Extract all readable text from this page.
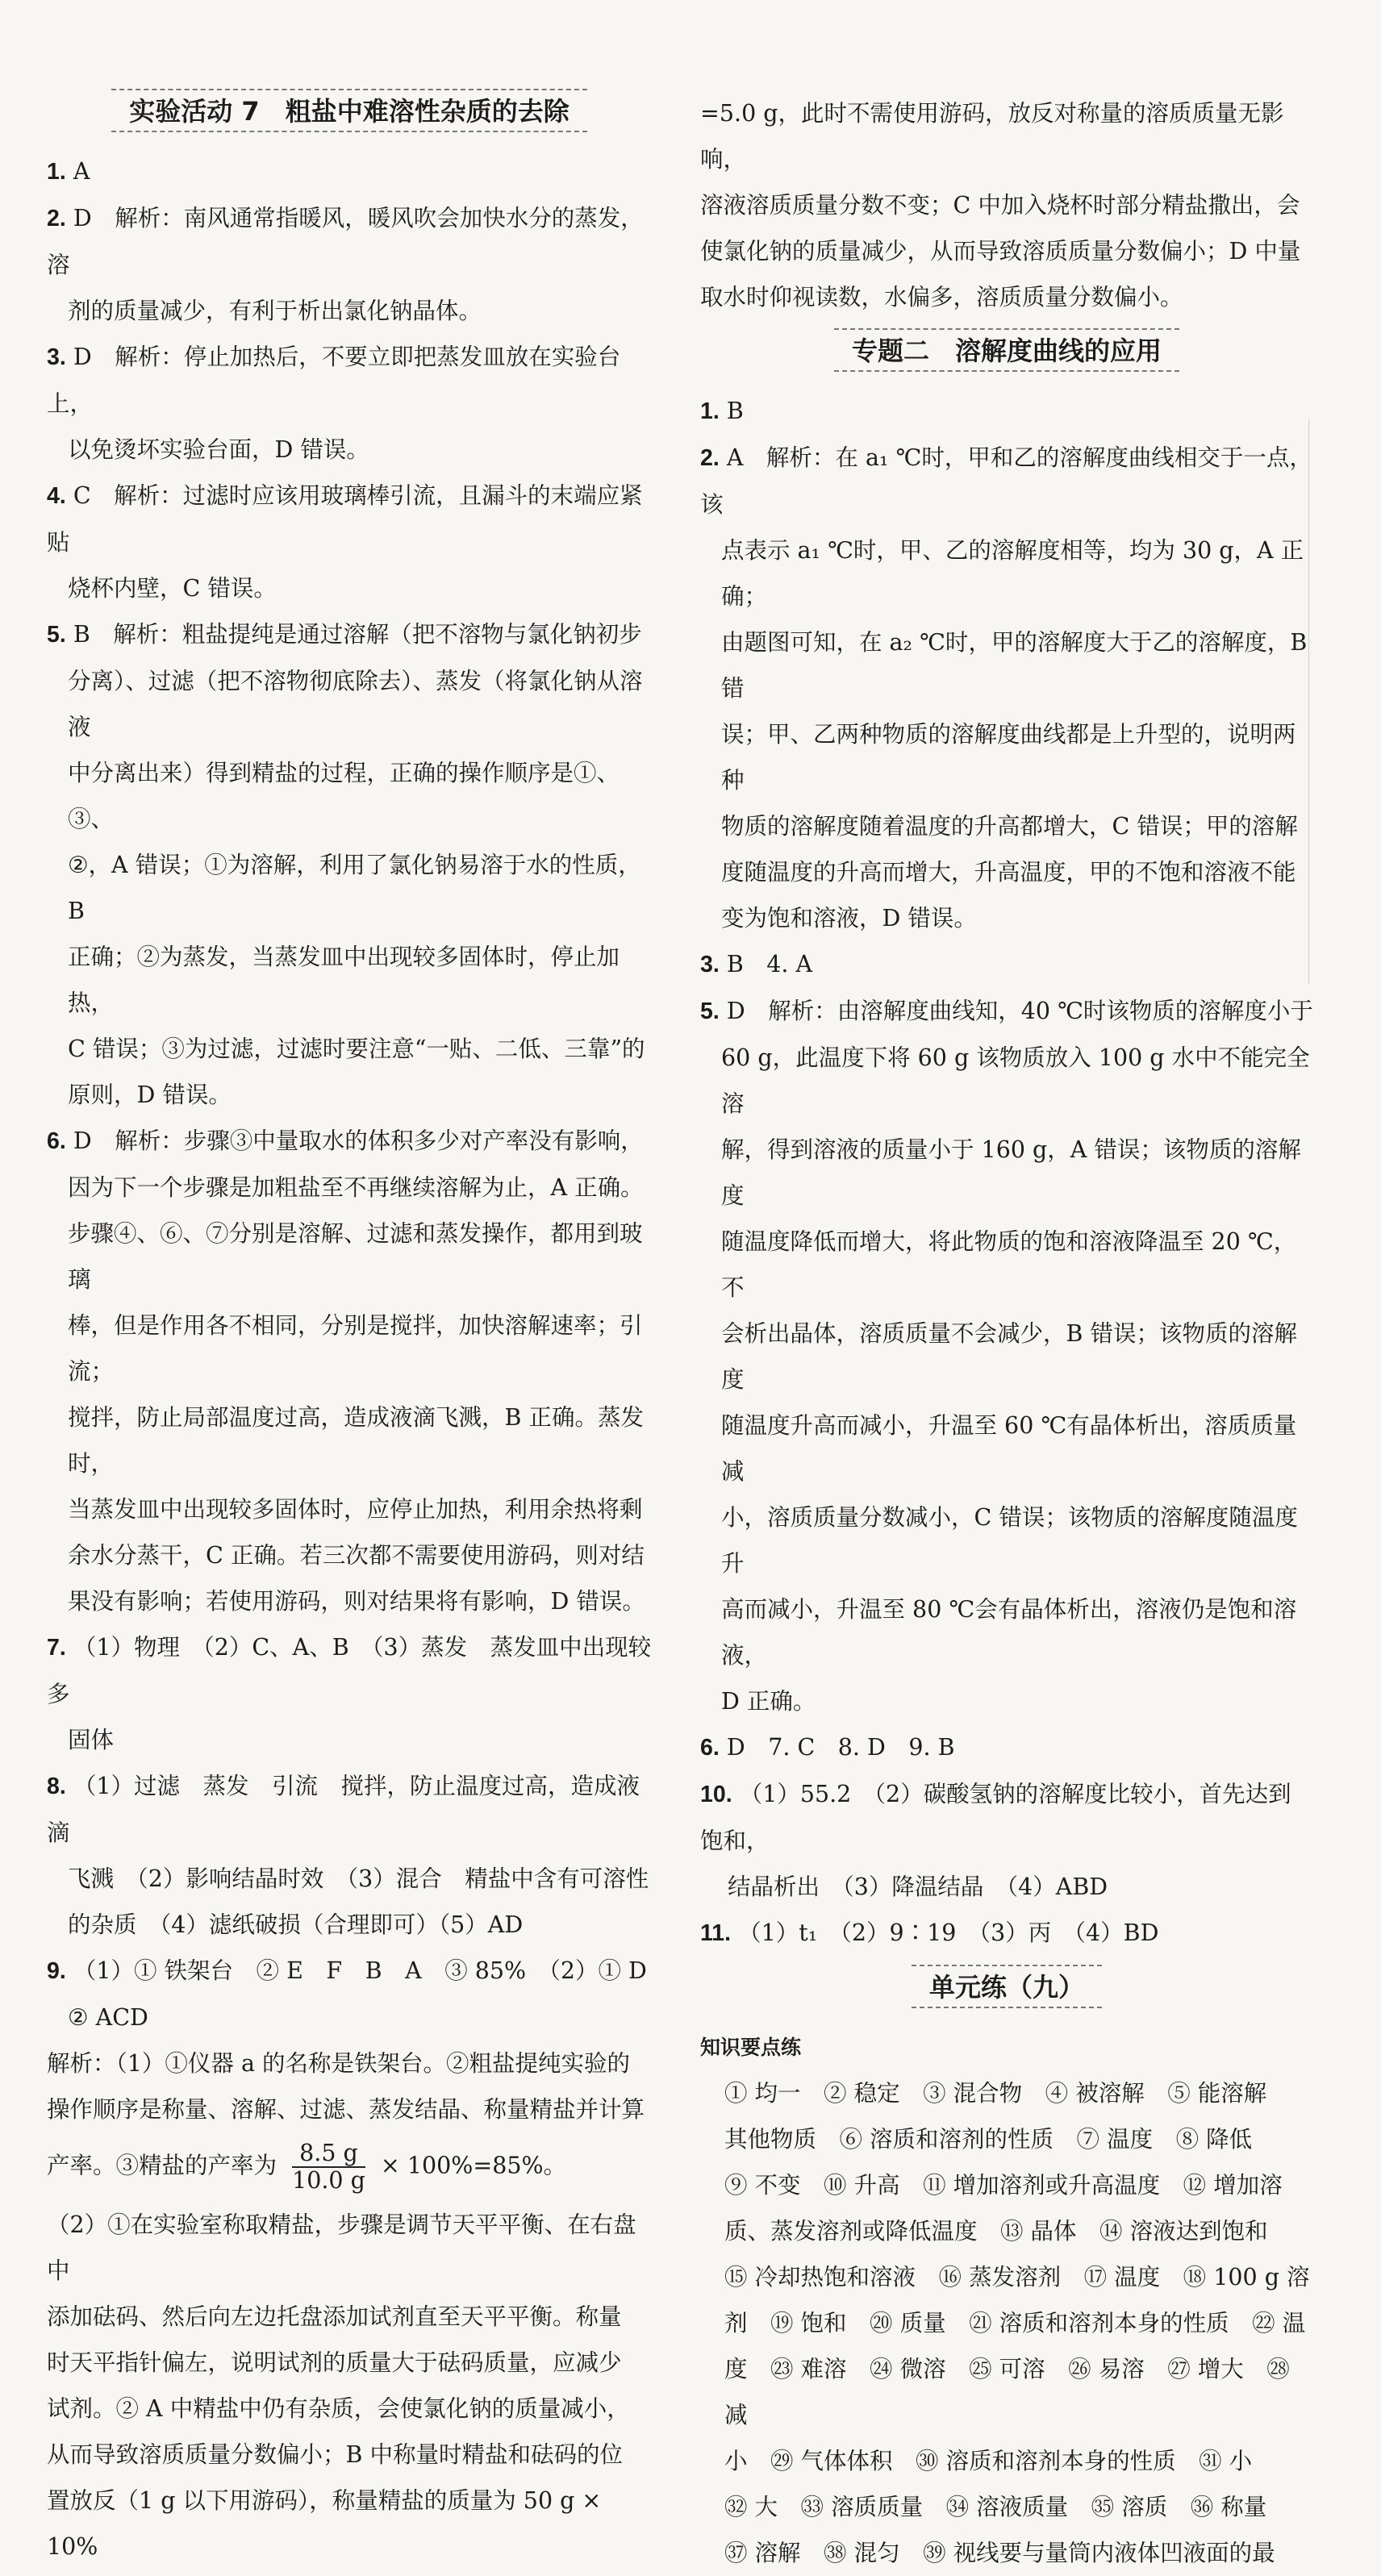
实验活动 7　粗盐中难溶性杂质的去除

1. A

2. D　解析：南风通常指暖风，暖风吹会加快水分的蒸发，溶

剂的质量减少，有利于析出氯化钠晶体。

3. D　解析：停止加热后，不要立即把蒸发皿放在实验台上，

以免烫坏实验台面，D 错误。

4. C　解析：过滤时应该用玻璃棒引流，且漏斗的末端应紧贴

烧杯内壁，C 错误。

5. B　解析：粗盐提纯是通过溶解（把不溶物与氯化钠初步

分离）、过滤（把不溶物彻底除去）、蒸发（将氯化钠从溶液

中分离出来）得到精盐的过程，正确的操作顺序是①、③、

②，A 错误；①为溶解，利用了氯化钠易溶于水的性质，B

正确；②为蒸发，当蒸发皿中出现较多固体时，停止加热，

C 错误；③为过滤，过滤时要注意“一贴、二低、三靠”的

原则，D 错误。

6. D　解析：步骤③中量取水的体积多少对产率没有影响，

因为下一个步骤是加粗盐至不再继续溶解为止，A 正确。

步骤④、⑥、⑦分别是溶解、过滤和蒸发操作，都用到玻璃

棒，但是作用各不相同，分别是搅拌，加快溶解速率；引流；

搅拌，防止局部温度过高，造成液滴飞溅，B 正确。蒸发时，

当蒸发皿中出现较多固体时，应停止加热，利用余热将剩

余水分蒸干，C 正确。若三次都不需要使用游码，则对结

果没有影响；若使用游码，则对结果将有影响，D 错误。

7. （1）物理　（2）C、A、B　（3）蒸发　蒸发皿中出现较多

固体

8. （1）过滤　蒸发　引流　搅拌，防止温度过高，造成液滴

飞溅　（2）影响结晶时效　（3）混合　精盐中含有可溶性

的杂质　（4）滤纸破损（合理即可）（5）AD

9. （1）① 铁架台　② E　F　B　A　③ 85%　（2）① D

② ACD

解析：（1）①仪器 a 的名称是铁架台。②粗盐提纯实验的

操作顺序是称量、溶解、过滤、蒸发结晶、称量精盐并计算

产率。③精盐的产率为 $\frac{8.5 g}{10.0 g} \times 100\%=85\%$。

（2）①在实验室称取精盐，步骤是调节天平平衡、在右盘中

添加砝码、然后向左边托盘添加试剂直至天平平衡。称量

时天平指针偏左，说明试剂的质量大于砝码质量，应减少

试剂。② A 中精盐中仍有杂质，会使氯化钠的质量减小，

从而导致溶质质量分数偏小；B 中称量时精盐和砝码的位

置放反（1 g 以下用游码），称量精盐的质量为 50 g × 10%

=5.0 g，此时不需使用游码，放反对称量的溶质质量无影响，

溶液溶质质量分数不变；C 中加入烧杯时部分精盐撒出，会

使氯化钠的质量减少，从而导致溶质质量分数偏小；D 中量

取水时仰视读数，水偏多，溶质质量分数偏小。

专题二　溶解度曲线的应用

1. B

2. A　解析：在 a₁ ℃时，甲和乙的溶解度曲线相交于一点，该

点表示 a₁ ℃时，甲、乙的溶解度相等，均为 30 g，A 正确；

由题图可知，在 a₂ ℃时，甲的溶解度大于乙的溶解度，B 错

误；甲、乙两种物质的溶解度曲线都是上升型的，说明两种

物质的溶解度随着温度的升高都增大，C 错误；甲的溶解

度随温度的升高而增大，升高温度，甲的不饱和溶液不能

变为饱和溶液，D 错误。

3. B　4. A

5. D　解析：由溶解度曲线知，40 ℃时该物质的溶解度小于

60 g，此温度下将 60 g 该物质放入 100 g 水中不能完全溶

解，得到溶液的质量小于 160 g，A 错误；该物质的溶解度

随温度降低而增大，将此物质的饱和溶液降温至 20 ℃，不

会析出晶体，溶质质量不会减少，B 错误；该物质的溶解度

随温度升高而减小，升温至 60 ℃有晶体析出，溶质质量减

小，溶质质量分数减小，C 错误；该物质的溶解度随温度升

高而减小，升温至 80 ℃会有晶体析出，溶液仍是饱和溶液，

D 正确。

6. D　7. C　8. D　9. B

10. （1）55.2　（2）碳酸氢钠的溶解度比较小，首先达到饱和，

结晶析出　（3）降温结晶　（4）ABD

11. （1）t₁　（2）9∶19　（3）丙　（4）BD

单元练（九）

知识要点练

① 均一　② 稳定　③ 混合物　④ 被溶解　⑤ 能溶解

其他物质　⑥ 溶质和溶剂的性质　⑦ 温度　⑧ 降低

⑨ 不变　⑩ 升高　⑪ 增加溶剂或升高温度　⑫ 增加溶

质、蒸发溶剂或降低温度　⑬ 晶体　⑭ 溶液达到饱和

⑮ 冷却热饱和溶液　⑯ 蒸发溶剂　⑰ 温度　⑱ 100 g 溶

剂　⑲ 饱和　⑳ 质量　㉑ 溶质和溶剂本身的性质　㉒ 温

度　㉓ 难溶　㉔ 微溶　㉕ 可溶　㉖ 易溶　㉗ 增大　㉘ 减

小　㉙ 气体体积　㉚ 溶质和溶剂本身的性质　㉛ 小

㉜ 大　㉝ 溶质质量　㉞ 溶液质量　㉟ 溶质　㊱ 称量

㊲ 溶解　㊳ 混匀　㊴ 视线要与量筒内液体凹液面的最
